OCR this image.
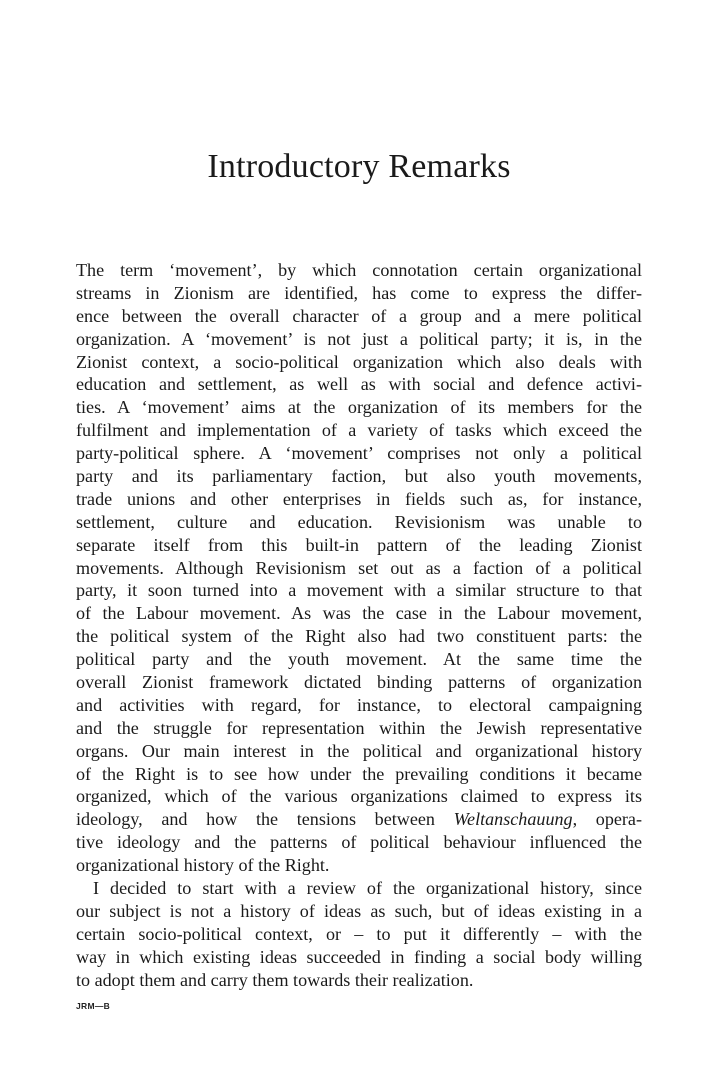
Introductory Remarks
The term ‘movement’, by which connotation certain organizational
streams in Zionism are identified, has come to express the differ-
ence between the overall character of a group and a mere political
organization. A ‘movement’ is not just a political party; it is, in the
Zionist context, a socio-political organization which also deals with
education and settlement, as well as with social and defence activi-
ties. A ‘movement’ aims at the organization of its members for the
fulfilment and implementation of a variety of tasks which exceed the
party-political sphere. A ‘movement’ comprises not only a political
party and its parliamentary faction, but also youth movements,
trade unions and other enterprises in fields such as, for instance,
settlement, culture and education. Revisionism was unable to
separate itself from this built-in pattern of the leading Zionist
movements. Although Revisionism set out as a faction of a political
party, it soon turned into a movement with a similar structure to that
of the Labour movement. As was the case in the Labour movement,
the political system of the Right also had two constituent parts: the
political party and the youth movement. At the same time the
overall Zionist framework dictated binding patterns of organization
and activities with regard, for instance, to electoral campaigning
and the struggle for representation within the Jewish representative
organs. Our main interest in the political and organizational history
of the Right is to see how under the prevailing conditions it became
organized, which of the various organizations claimed to express its
ideology, and how the tensions between Weltanschauung, opera-
tive ideology and the patterns of political behaviour influenced the
organizational history of the Right.
I decided to start with a review of the organizational history, since
our subject is not a history of ideas as such, but of ideas existing in a
certain socio-political context, or – to put it differently – with the
way in which existing ideas succeeded in finding a social body willing
to adopt them and carry them towards their realization.
JRM—B
